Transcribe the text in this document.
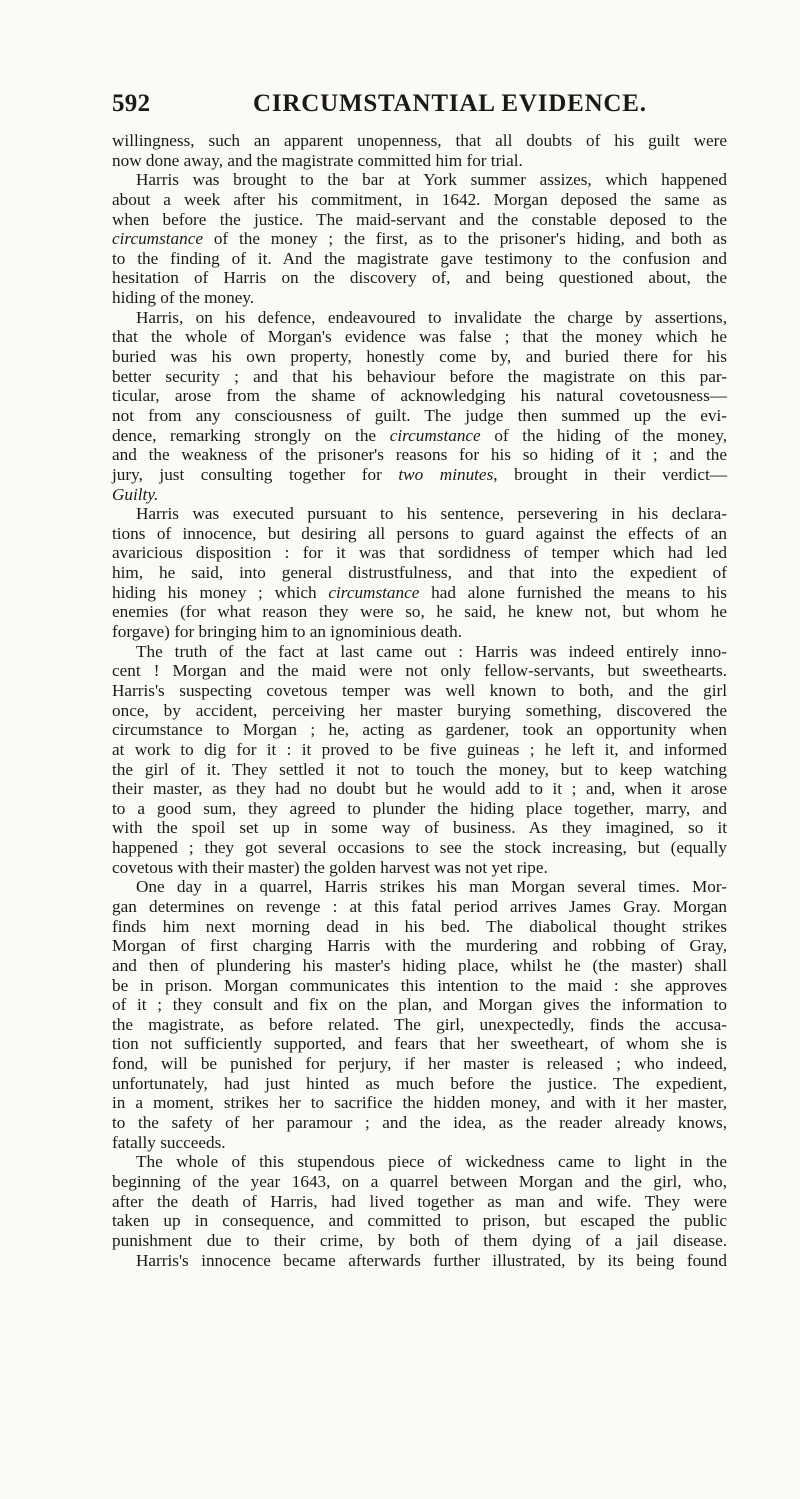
592	CIRCUMSTANTIAL EVIDENCE.
willingness, such an apparent unopenness, that all doubts of his guilt were
now done away, and the magistrate committed him for trial.
Harris was brought to the bar at York summer assizes, which happened
about a week after his commitment, in 1642. Morgan deposed the same as
when before the justice. The maid-servant and the constable deposed to the
circumstance of the money ; the first, as to the prisoner's hiding, and both as
to the finding of it. And the magistrate gave testimony to the confusion and
hesitation of Harris on the discovery of, and being questioned about, the
hiding of the money.
Harris, on his defence, endeavoured to invalidate the charge by assertions,
that the whole of Morgan's evidence was false ; that the money which he
buried was his own property, honestly come by, and buried there for his
better security ; and that his behaviour before the magistrate on this par-
ticular, arose from the shame of acknowledging his natural covetousness—
not from any consciousness of guilt. The judge then summed up the evi-
dence, remarking strongly on the circumstance of the hiding of the money,
and the weakness of the prisoner's reasons for his so hiding of it ; and the
jury, just consulting together for two minutes, brought in their verdict—
Guilty.
Harris was executed pursuant to his sentence, persevering in his declara-
tions of innocence, but desiring all persons to guard against the effects of an
avaricious disposition : for it was that sordidness of temper which had led
him, he said, into general distrustfulness, and that into the expedient of
hiding his money ; which circumstance had alone furnished the means to his
enemies (for what reason they were so, he said, he knew not, but whom he
forgave) for bringing him to an ignominious death.
The truth of the fact at last came out : Harris was indeed entirely inno-
cent ! Morgan and the maid were not only fellow-servants, but sweethearts.
Harris's suspecting covetous temper was well known to both, and the girl
once, by accident, perceiving her master burying something, discovered the
circumstance to Morgan ; he, acting as gardener, took an opportunity when
at work to dig for it : it proved to be five guineas ; he left it, and informed
the girl of it. They settled it not to touch the money, but to keep watching
their master, as they had no doubt but he would add to it ; and, when it arose
to a good sum, they agreed to plunder the hiding place together, marry, and
with the spoil set up in some way of business. As they imagined, so it
happened ; they got several occasions to see the stock increasing, but (equally
covetous with their master) the golden harvest was not yet ripe.
One day in a quarrel, Harris strikes his man Morgan several times. Mor-
gan determines on revenge : at this fatal period arrives James Gray. Morgan
finds him next morning dead in his bed. The diabolical thought strikes
Morgan of first charging Harris with the murdering and robbing of Gray,
and then of plundering his master's hiding place, whilst he (the master) shall
be in prison. Morgan communicates this intention to the maid : she approves
of it ; they consult and fix on the plan, and Morgan gives the information to
the magistrate, as before related. The girl, unexpectedly, finds the accusa-
tion not sufficiently supported, and fears that her sweetheart, of whom she is
fond, will be punished for perjury, if her master is released ; who indeed,
unfortunately, had just hinted as much before the justice. The expedient,
in a moment, strikes her to sacrifice the hidden money, and with it her master,
to the safety of her paramour ; and the idea, as the reader already knows,
fatally succeeds.
The whole of this stupendous piece of wickedness came to light in the
beginning of the year 1643, on a quarrel between Morgan and the girl, who,
after the death of Harris, had lived together as man and wife. They were
taken up in consequence, and committed to prison, but escaped the public
punishment due to their crime, by both of them dying of a jail disease.
Harris's innocence became afterwards further illustrated, by its being found
